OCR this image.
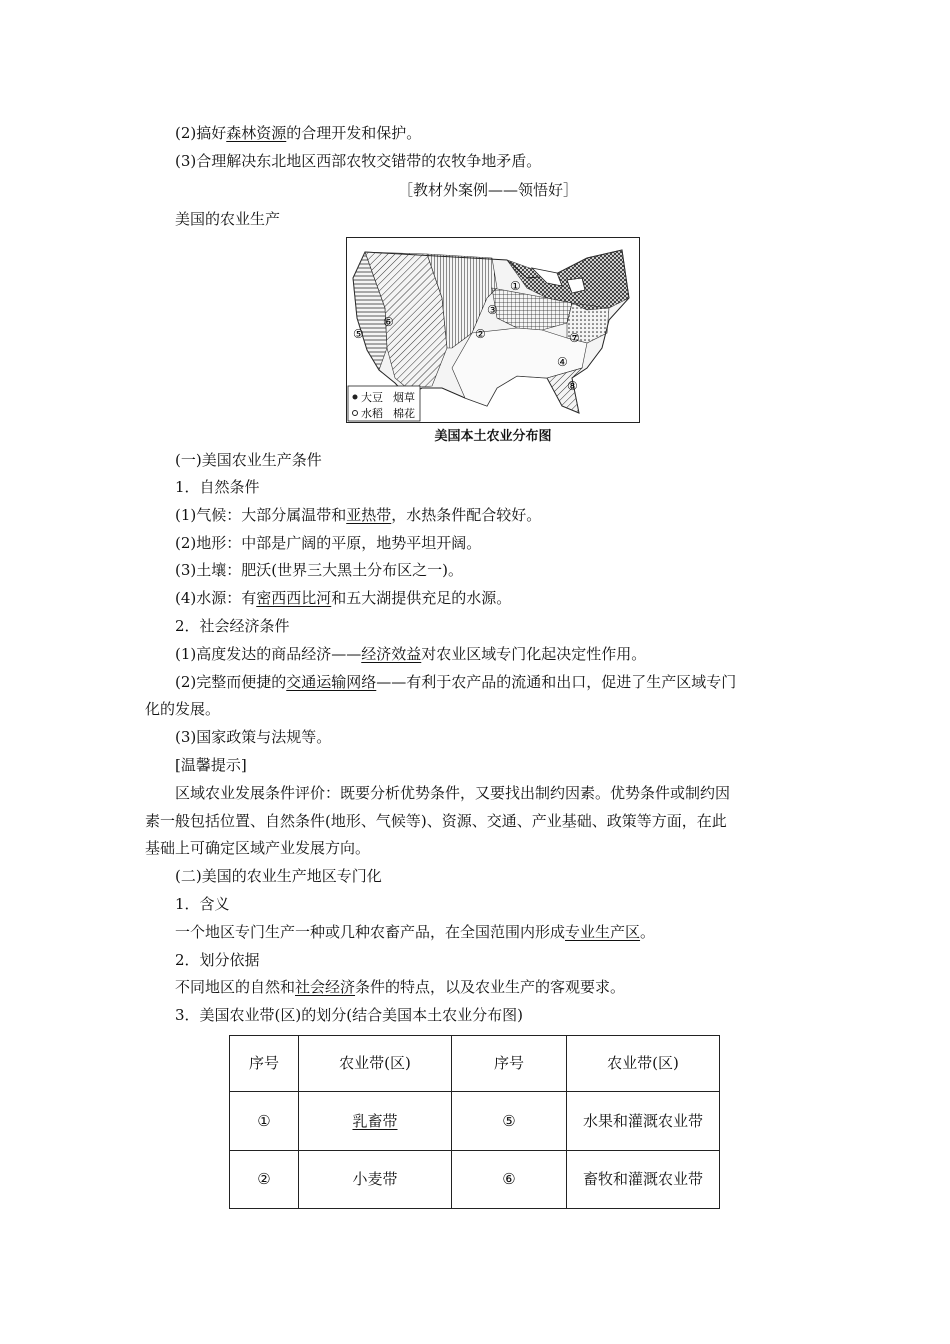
(2)搞好森林资源的合理开发和保护。
(3)合理解决东北地区西部农牧交错带的农牧争地矛盾。
［教材外案例——领悟好］
美国的农业生产
①
②
③
④
⑤
⑥
⑦
⑧
大豆 烟草
水稻 棉花
美国本土农业分布图
(一)美国农业生产条件
1．自然条件
(1)气候：大部分属温带和亚热带，水热条件配合较好。
(2)地形：中部是广阔的平原，地势平坦开阔。
(3)土壤：肥沃(世界三大黑土分布区之一)。
(4)水源：有密西西比河和五大湖提供充足的水源。
2．社会经济条件
(1)高度发达的商品经济——经济效益对农业区域专门化起决定性作用。
(2)完整而便捷的交通运输网络——有利于农产品的流通和出口，促进了生产区域专门
化的发展。
(3)国家政策与法规等。
[温馨提示]
区域农业发展条件评价：既要分析优势条件，又要找出制约因素。优势条件或制约因
素一般包括位置、自然条件(地形、气候等)、资源、交通、产业基础、政策等方面，在此
基础上可确定区域产业发展方向。
(二)美国的农业生产地区专门化
1．含义
一个地区专门生产一种或几种农畜产品，在全国范围内形成专业生产区。
2．划分依据
不同地区的自然和社会经济条件的特点，以及农业生产的客观要求。
3．美国农业带(区)的划分(结合美国本土农业分布图)
序号	农业带(区)	序号	农业带(区)
①	乳畜带	⑤	水果和灌溉农业带

②	小麦带	⑥	畜牧和灌溉农业带
